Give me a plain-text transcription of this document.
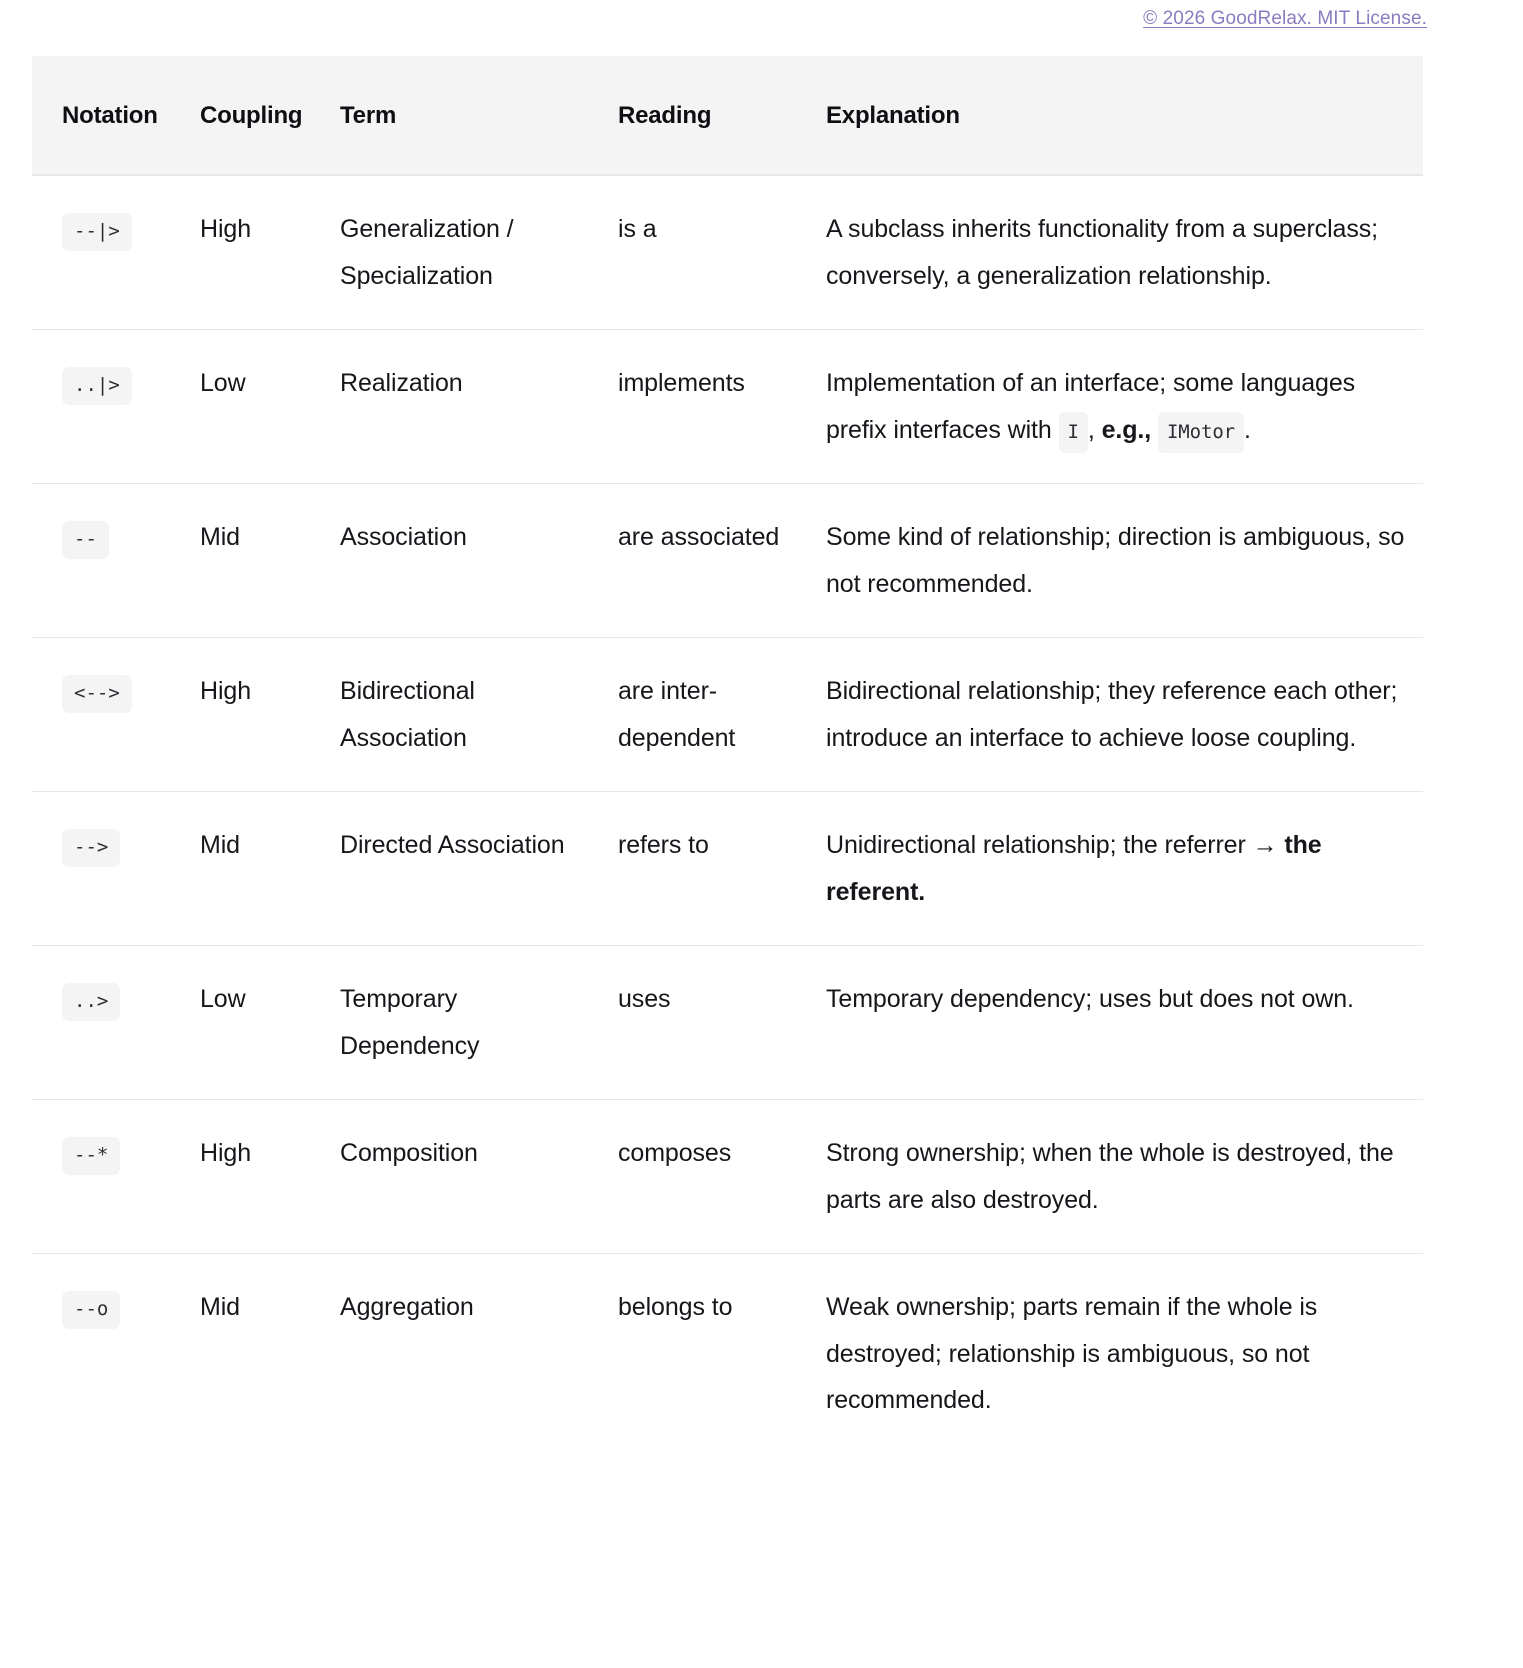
© 2026 GoodRelax. MIT License.
Notation	Coupling	Term	Reading	Explanation
--|>	High	Generalization / Specialization	is a	A subclass inherits functionality from a superclass; conversely, a generalization relationship.
..|>	Low	Realization	implements	Implementation of an interface; some languages prefix interfaces with I , e.g., IMotor .
--	Mid	Association	are associated	Some kind of relationship; direction is ambiguous, so not recommended.
<-->	High	Bidirectional Association	are inter-dependent	Bidirectional relationship; they reference each other; introduce an interface to achieve loose coupling.
-->	Mid	Directed Association	refers to	Unidirectional relationship; the referrer → the referent.
..>	Low	Temporary Dependency	uses	Temporary dependency; uses but does not own.
--*	High	Composition	composes	Strong ownership; when the whole is destroyed, the parts are also destroyed.
--o	Mid	Aggregation	belongs to	Weak ownership; parts remain if the whole is destroyed; relationship is ambiguous, so not recommended.
